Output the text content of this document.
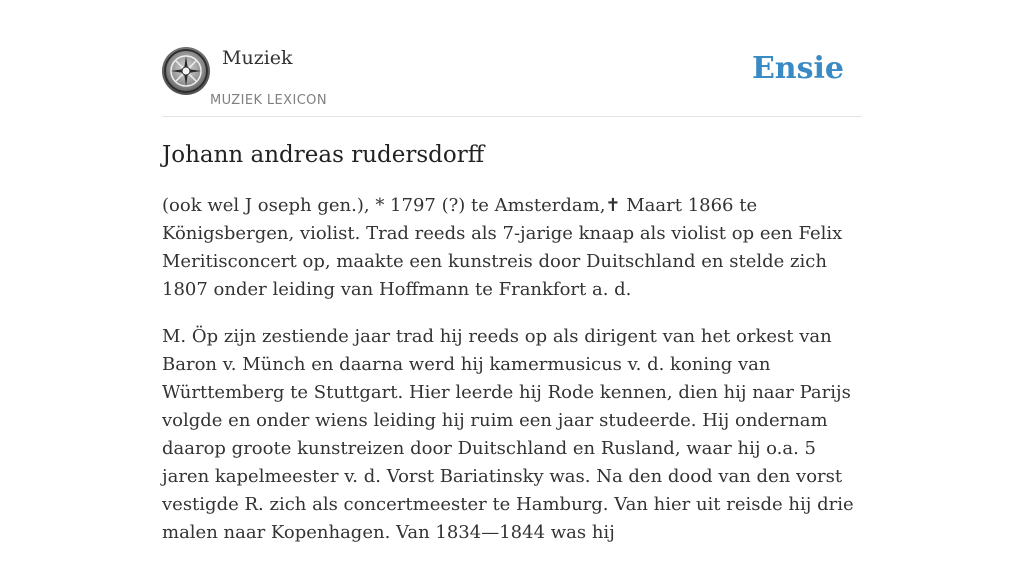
Muziek
MUZIEK LEXICON
Ensie
Johann andreas rudersdorff

(ook wel J oseph gen.), * 1797 (?) te Amsterdam,✝ Maart 1866 te Königsbergen, violist. Trad reeds als 7-jarige knaap als violist op een Felix Meritisconcert op, maakte een kunstreis door Duitschland en stelde zich 1807 onder leiding van Hoffmann te Frankfort a. d.

M. Öp zijn zestiende jaar trad hij reeds op als dirigent van het orkest van Baron v. Münch en daarna werd hij kamermusicus v. d. koning van Württemberg te Stuttgart. Hier leerde hij Rode kennen, dien hij naar Parijs volgde en onder wiens leiding hij ruim een jaar studeerde. Hij ondernam daarop groote kunstreizen door Duitschland en Rusland, waar hij o.a. 5 jaren kapelmeester v. d. Vorst Bariatinsky was. Na den dood van den vorst vestigde R. zich als concertmeester te Hamburg. Van hier uit reisde hij drie malen naar Kopenhagen. Van 1834—1844 was hij
